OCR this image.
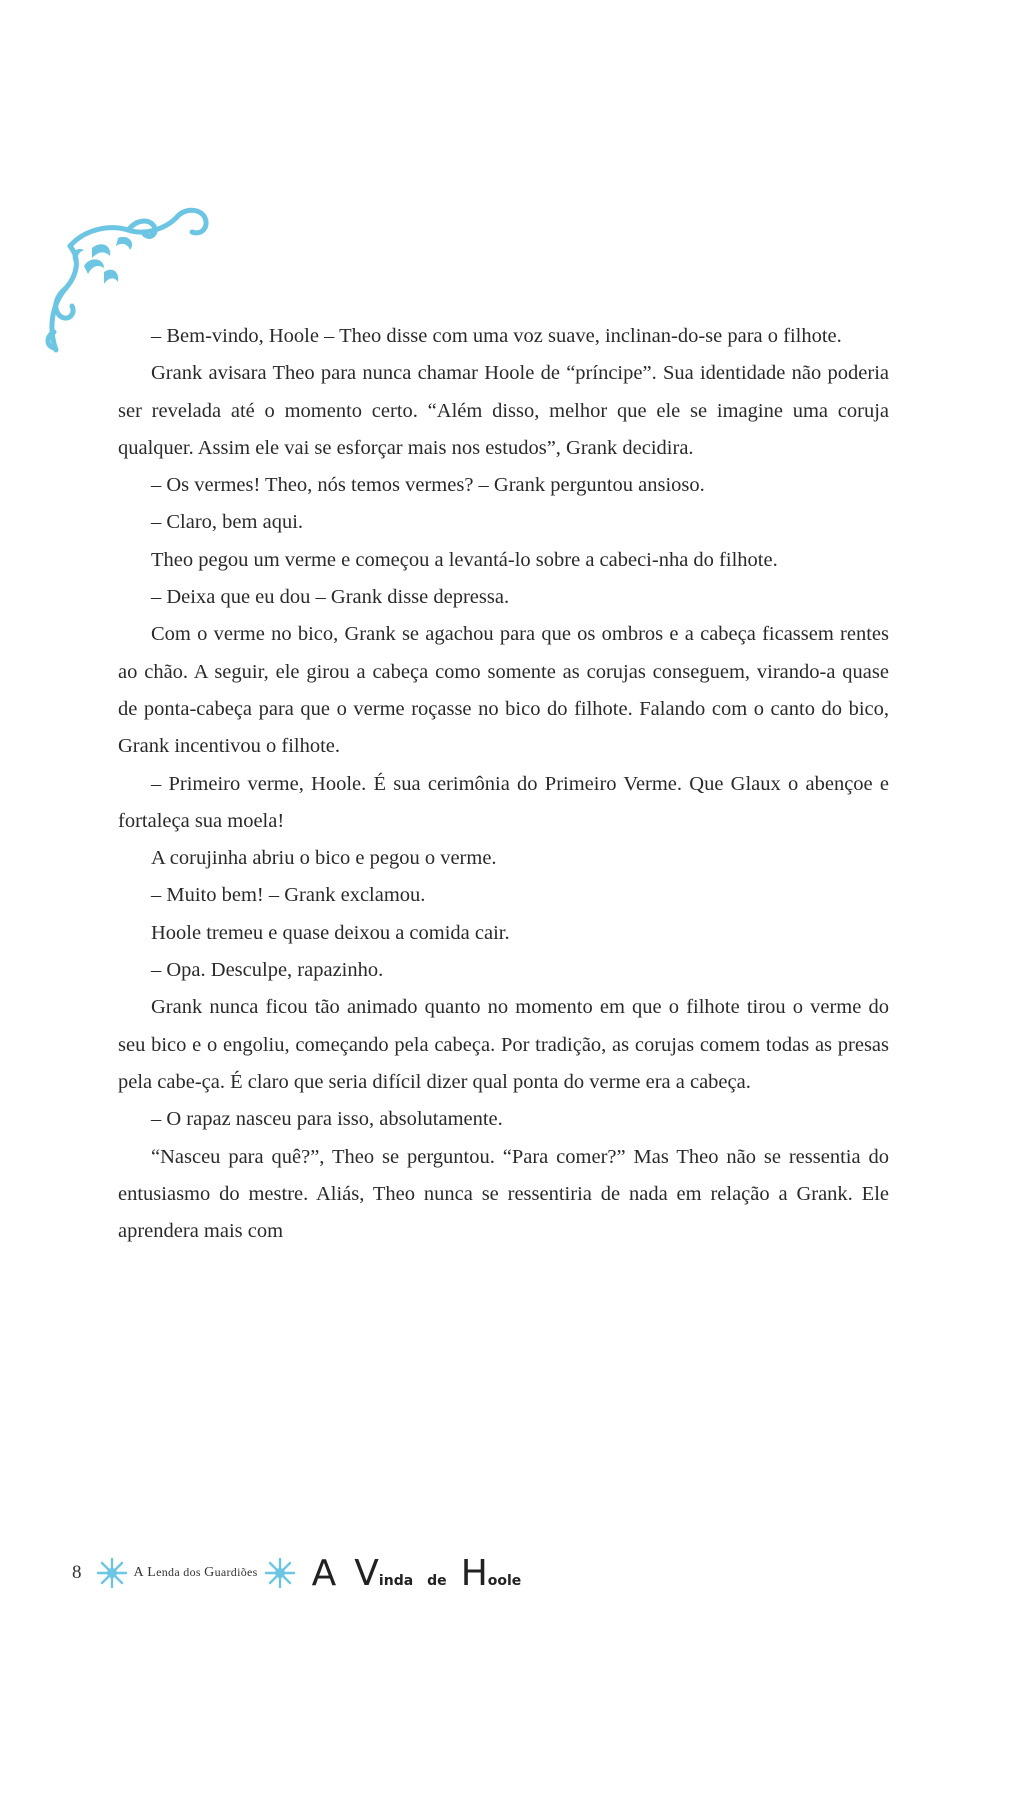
– Bem-vindo, Hoole – Theo disse com uma voz suave, inclinan-do-se para o filhote.

Grank avisara Theo para nunca chamar Hoole de “príncipe”. Sua identidade não poderia ser revelada até o momento certo. “Além disso, melhor que ele se imagine uma coruja qualquer. Assim ele vai se esforçar mais nos estudos”, Grank decidira.

– Os vermes! Theo, nós temos vermes? – Grank perguntou ansioso.

– Claro, bem aqui.

Theo pegou um verme e começou a levantá-lo sobre a cabeci-nha do filhote.

– Deixa que eu dou – Grank disse depressa.

Com o verme no bico, Grank se agachou para que os ombros e a cabeça ficassem rentes ao chão. A seguir, ele girou a cabeça como somente as corujas conseguem, virando-a quase de ponta-cabeça para que o verme roçasse no bico do filhote. Falando com o canto do bico, Grank incentivou o filhote.

– Primeiro verme, Hoole. É sua cerimônia do Primeiro Verme. Que Glaux o abençoe e fortaleça sua moela!

A corujinha abriu o bico e pegou o verme.

– Muito bem! – Grank exclamou.

Hoole tremeu e quase deixou a comida cair.

– Opa. Desculpe, rapazinho.

Grank nunca ficou tão animado quanto no momento em que o filhote tirou o verme do seu bico e o engoliu, começando pela cabeça. Por tradição, as corujas comem todas as presas pela cabe-ça. É claro que seria difícil dizer qual ponta do verme era a cabeça.

– O rapaz nasceu para isso, absolutamente.

“Nasceu para quê?”, Theo se perguntou. “Para comer?” Mas Theo não se ressentia do entusiasmo do mestre. Aliás, Theo nunca se ressentiria de nada em relação a Grank. Ele aprendera mais com

8	A Lenda dos Guardiões A V inda de H oole
